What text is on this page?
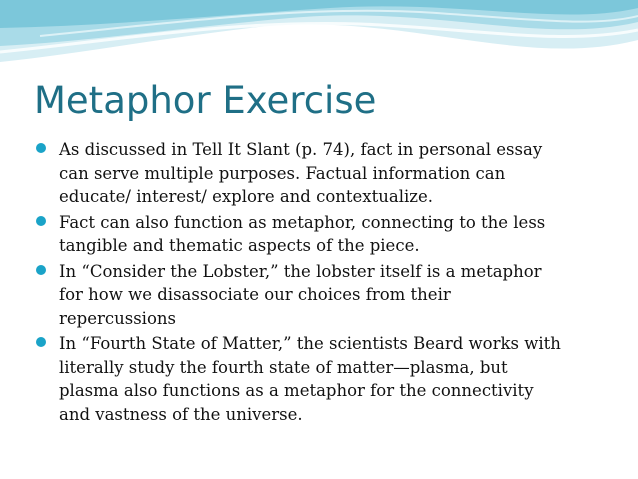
Metaphor Exercise
As discussed in Tell It Slant (p. 74), fact in personal essay
can serve multiple purposes. Factual information can
educate/ interest/ explore and contextualize.
Fact can also function as metaphor, connecting to the less
tangible and thematic aspects of the piece.
In “Consider the Lobster,” the lobster itself is a metaphor
for how we disassociate our choices from their
repercussions
In “Fourth State of Matter,” the scientists Beard works with
literally study the fourth state of matter—plasma, but
plasma also functions as a metaphor for the connectivity
and vastness of the universe.
